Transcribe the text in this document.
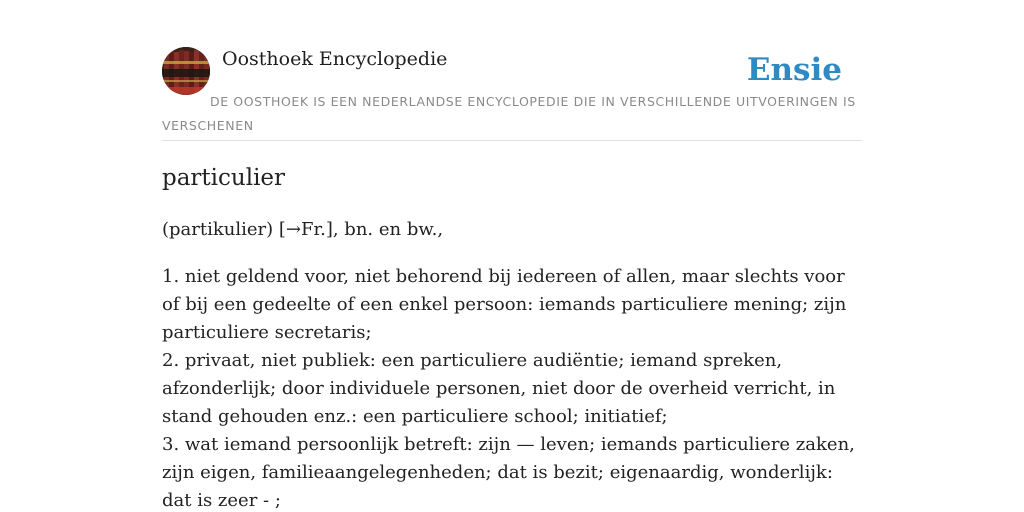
Oosthoek Encyclopedie	Ensie
DE OOSTHOEK IS EEN NEDERLANDSE ENCYCLOPEDIE DIE IN VERSCHILLENDE UITVOERINGEN IS VERSCHENEN
particulier
(partikulier) [→Fr.], bn. en bw.,

1. niet geldend voor, niet behorend bij iedereen of allen, maar slechts voor of bij een gedeelte of een enkel persoon: iemands particuliere mening; zijn particuliere secretaris;

2. privaat, niet publiek: een particuliere audiëntie; iemand spreken, afzonderlijk; door individuele personen, niet door de overheid verricht, in stand gehouden enz.: een particuliere school; initiatief;

3. wat iemand persoonlijk betreft: zijn — leven; iemands particuliere zaken, zijn eigen, familieaangelegenheden; dat is bezit; eigenaardig, wonderlijk: dat is zeer - ;
